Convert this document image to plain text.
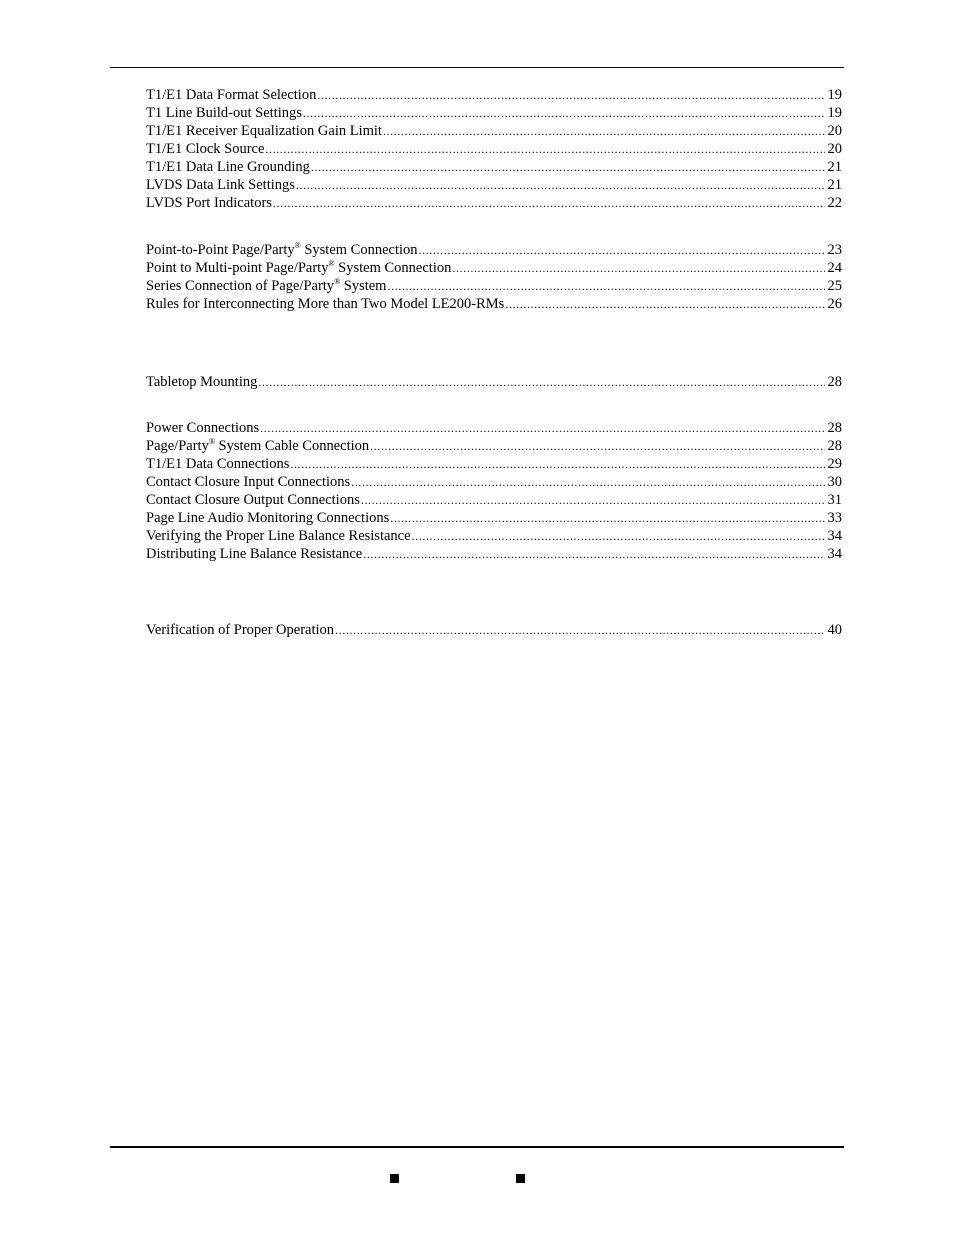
T1/E1 Data Format Selection .....	19
T1 Line Build-out Settings .....	19
T1/E1 Receiver Equalization Gain Limit .....	20
T1/E1 Clock Source .....	20
T1/E1 Data Line Grounding .....	21
LVDS Data Link Settings .....	21
LVDS Port Indicators .....	22
Point-to-Point Page/Party® System Connection .....	23
Point to Multi-point Page/Party® System Connection .....	24
Series Connection of Page/Party® System .....	25
Rules for Interconnecting More than Two Model LE200-RMs .....	26
Tabletop Mounting .....	28
Power Connections .....	28
Page/Party® System Cable Connection .....	28
T1/E1 Data Connections .....	29
Contact Closure Input Connections .....	30
Contact Closure Output Connections .....	31
Page Line Audio Monitoring Connections .....	33
Verifying the Proper Line Balance Resistance .....	34
Distributing Line Balance Resistance .....	34
Verification of Proper Operation .....	40
